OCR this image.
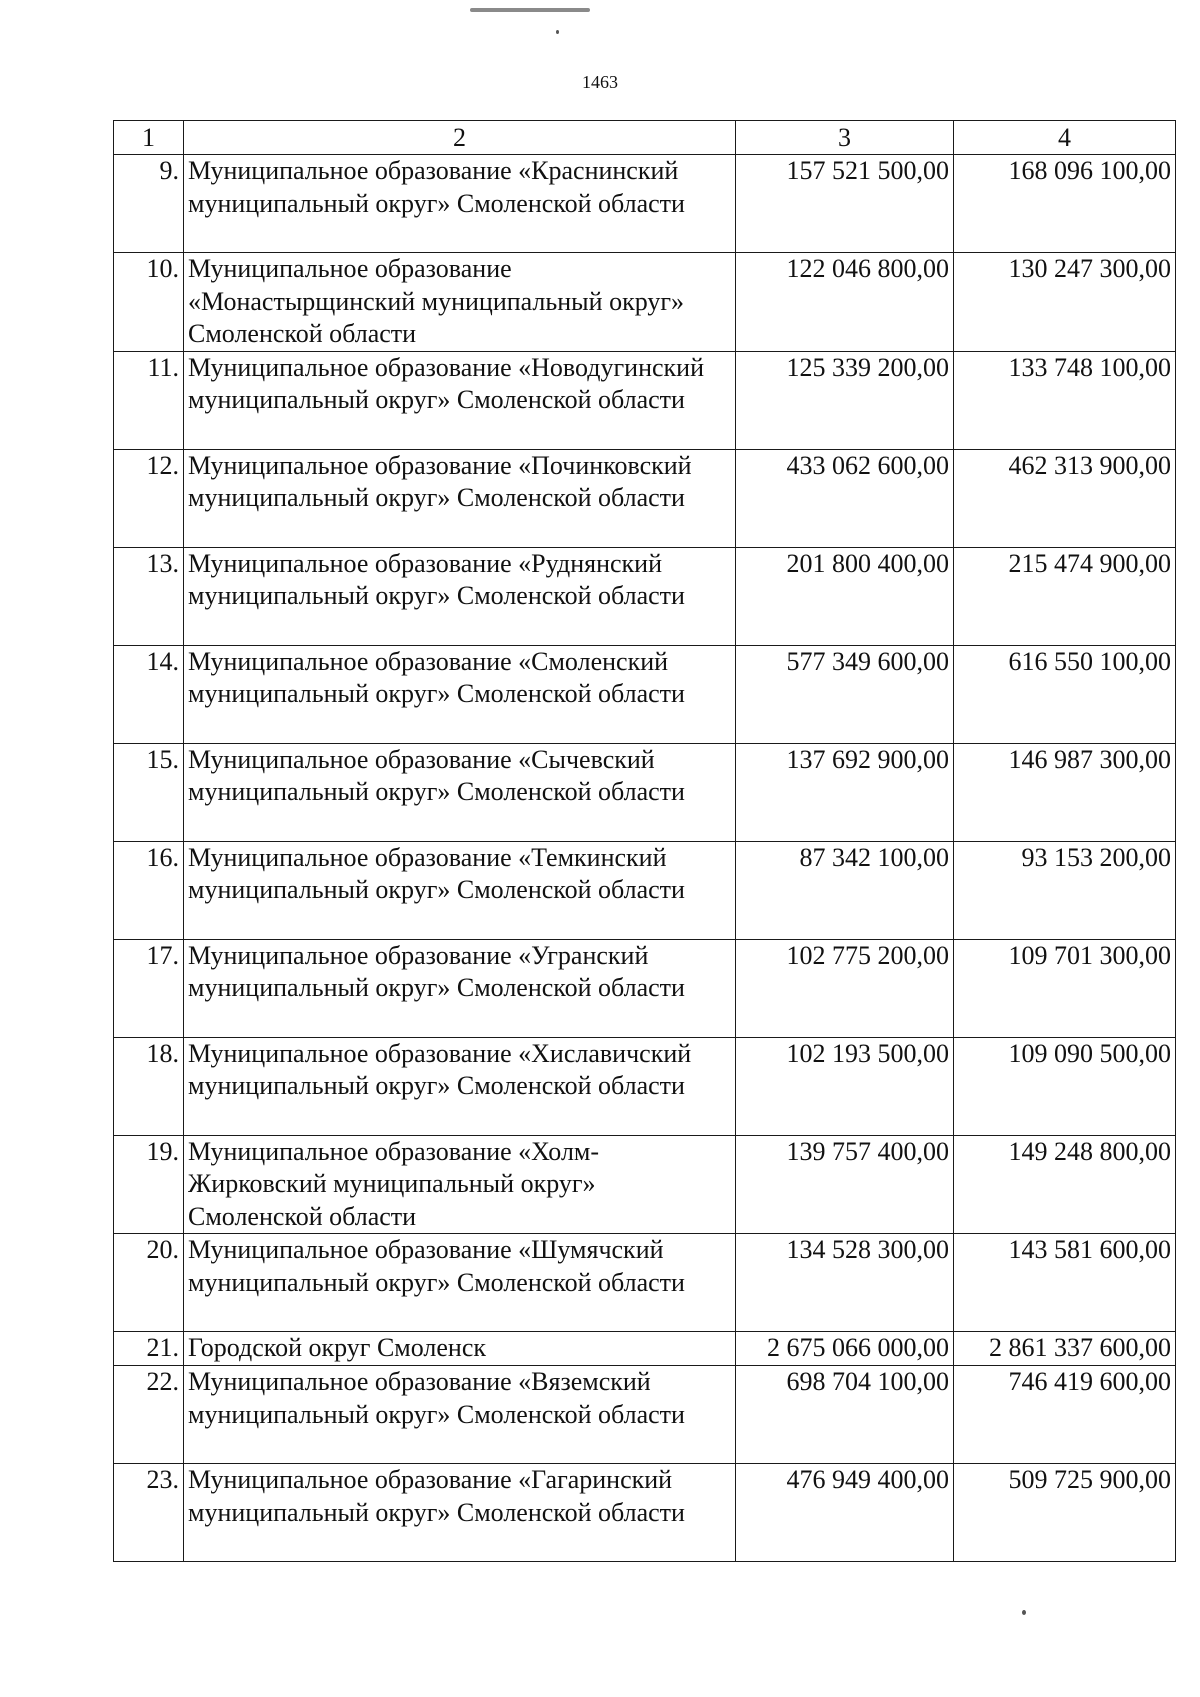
1463
1	2	3	4
9.	Муниципальное образование «Краснинский муниципальный округ» Смоленской области	157 521 500,00	168 096 100,00
10.	Муниципальное образование «Монастырщинский муниципальный округ» Смоленской области	122 046 800,00	130 247 300,00
11.	Муниципальное образование «Новодугинский муниципальный округ» Смоленской области	125 339 200,00	133 748 100,00
12.	Муниципальное образование «Починковский муниципальный округ» Смоленской области	433 062 600,00	462 313 900,00
13.	Муниципальное образование «Руднянский муниципальный округ» Смоленской области	201 800 400,00	215 474 900,00
14.	Муниципальное образование «Смоленский муниципальный округ» Смоленской области	577 349 600,00	616 550 100,00
15.	Муниципальное образование «Сычевский муниципальный округ» Смоленской области	137 692 900,00	146 987 300,00
16.	Муниципальное образование «Темкинский муниципальный округ» Смоленской области	87 342 100,00	93 153 200,00
17.	Муниципальное образование «Угранский муниципальный округ» Смоленской области	102 775 200,00	109 701 300,00
18.	Муниципальное образование «Хиславичский муниципальный округ» Смоленской области	102 193 500,00	109 090 500,00
19.	Муниципальное образование «Холм-Жирковский муниципальный округ» Смоленской области	139 757 400,00	149 248 800,00
20.	Муниципальное образование «Шумячский муниципальный округ» Смоленской области	134 528 300,00	143 581 600,00
21.	Городской округ Смоленск	2 675 066 000,00	2 861 337 600,00
22.	Муниципальное образование «Вяземский муниципальный округ» Смоленской области	698 704 100,00	746 419 600,00
23.	Муниципальное образование «Гагаринский муниципальный округ» Смоленской области	476 949 400,00	509 725 900,00
